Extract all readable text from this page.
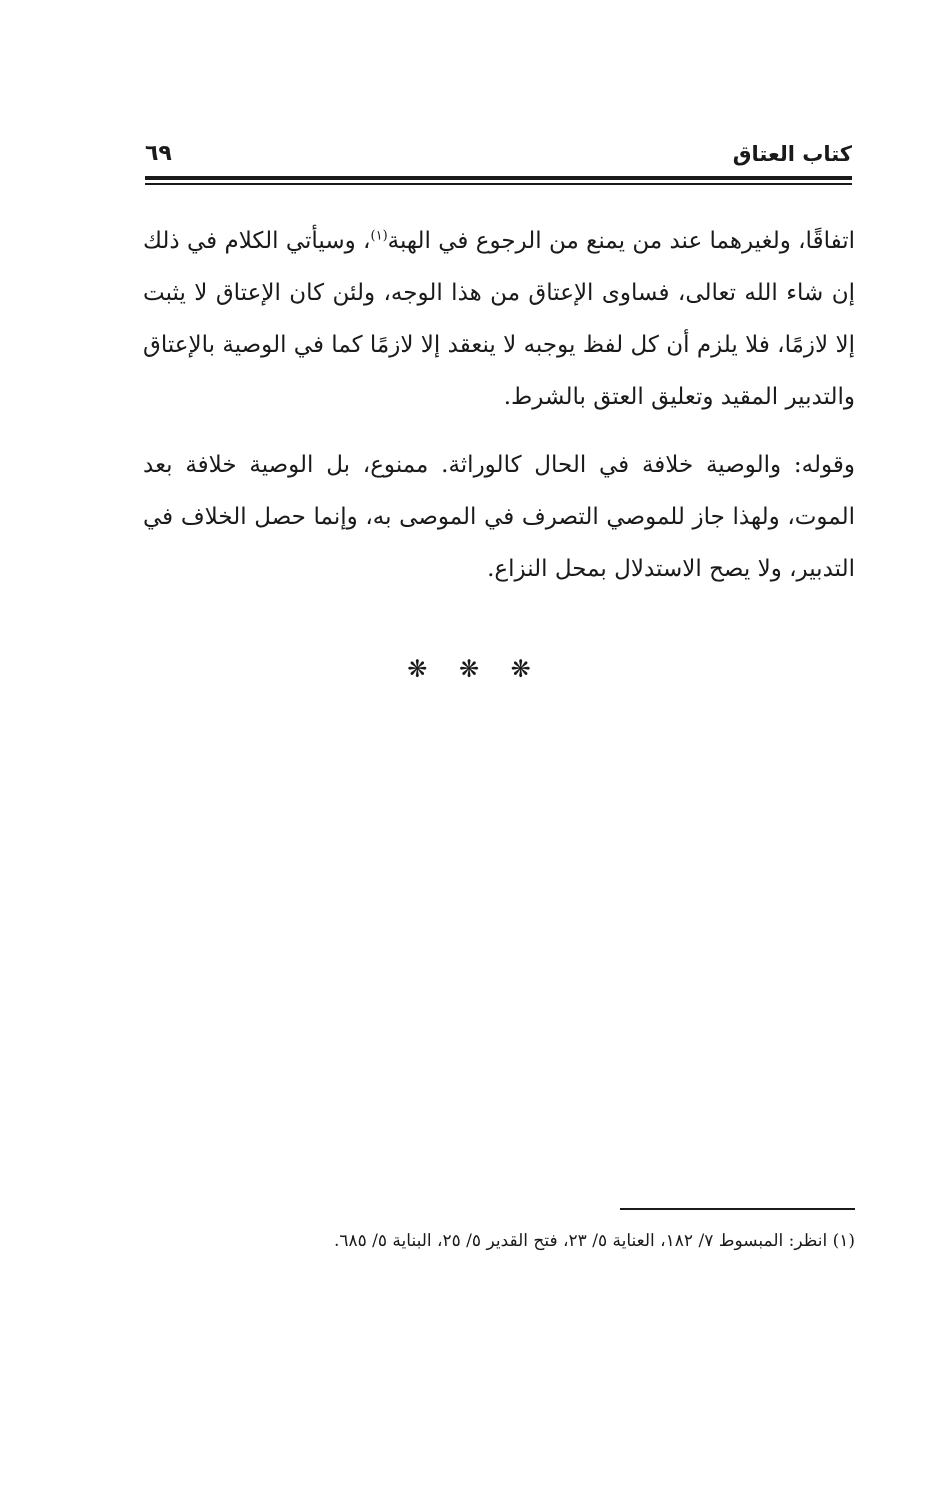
كتاب العتاق
٦٩

اتفاقًا، ولغيرهما عند من يمنع من الرجوع في الهبة$^{(١)}$، وسيأتي الكلام في ذلك إن شاء الله تعالى، فساوى الإعتاق من هذا الوجه، ولئن كان الإعتاق لا يثبت إلا لازمًا، فلا يلزم أن كل لفظ يوجبه لا ينعقد إلا لازمًا كما في الوصية بالإعتاق والتدبير المقيد وتعليق العتق بالشرط.

وقوله: والوصية خلافة في الحال كالوراثة. ممنوع، بل الوصية خلافة بعد الموت، ولهذا جاز للموصي التصرف في الموصى به، وإنما حصل الخلاف في التدبير، ولا يصح الاستدلال بمحل النزاع.

❋ ❋ ❋
(١) انظر: المبسوط ٧/ ١٨٢، العناية ٥/ ٢٣، فتح القدير ٥/ ٢٥، البناية ٥/ ٦٨٥.
